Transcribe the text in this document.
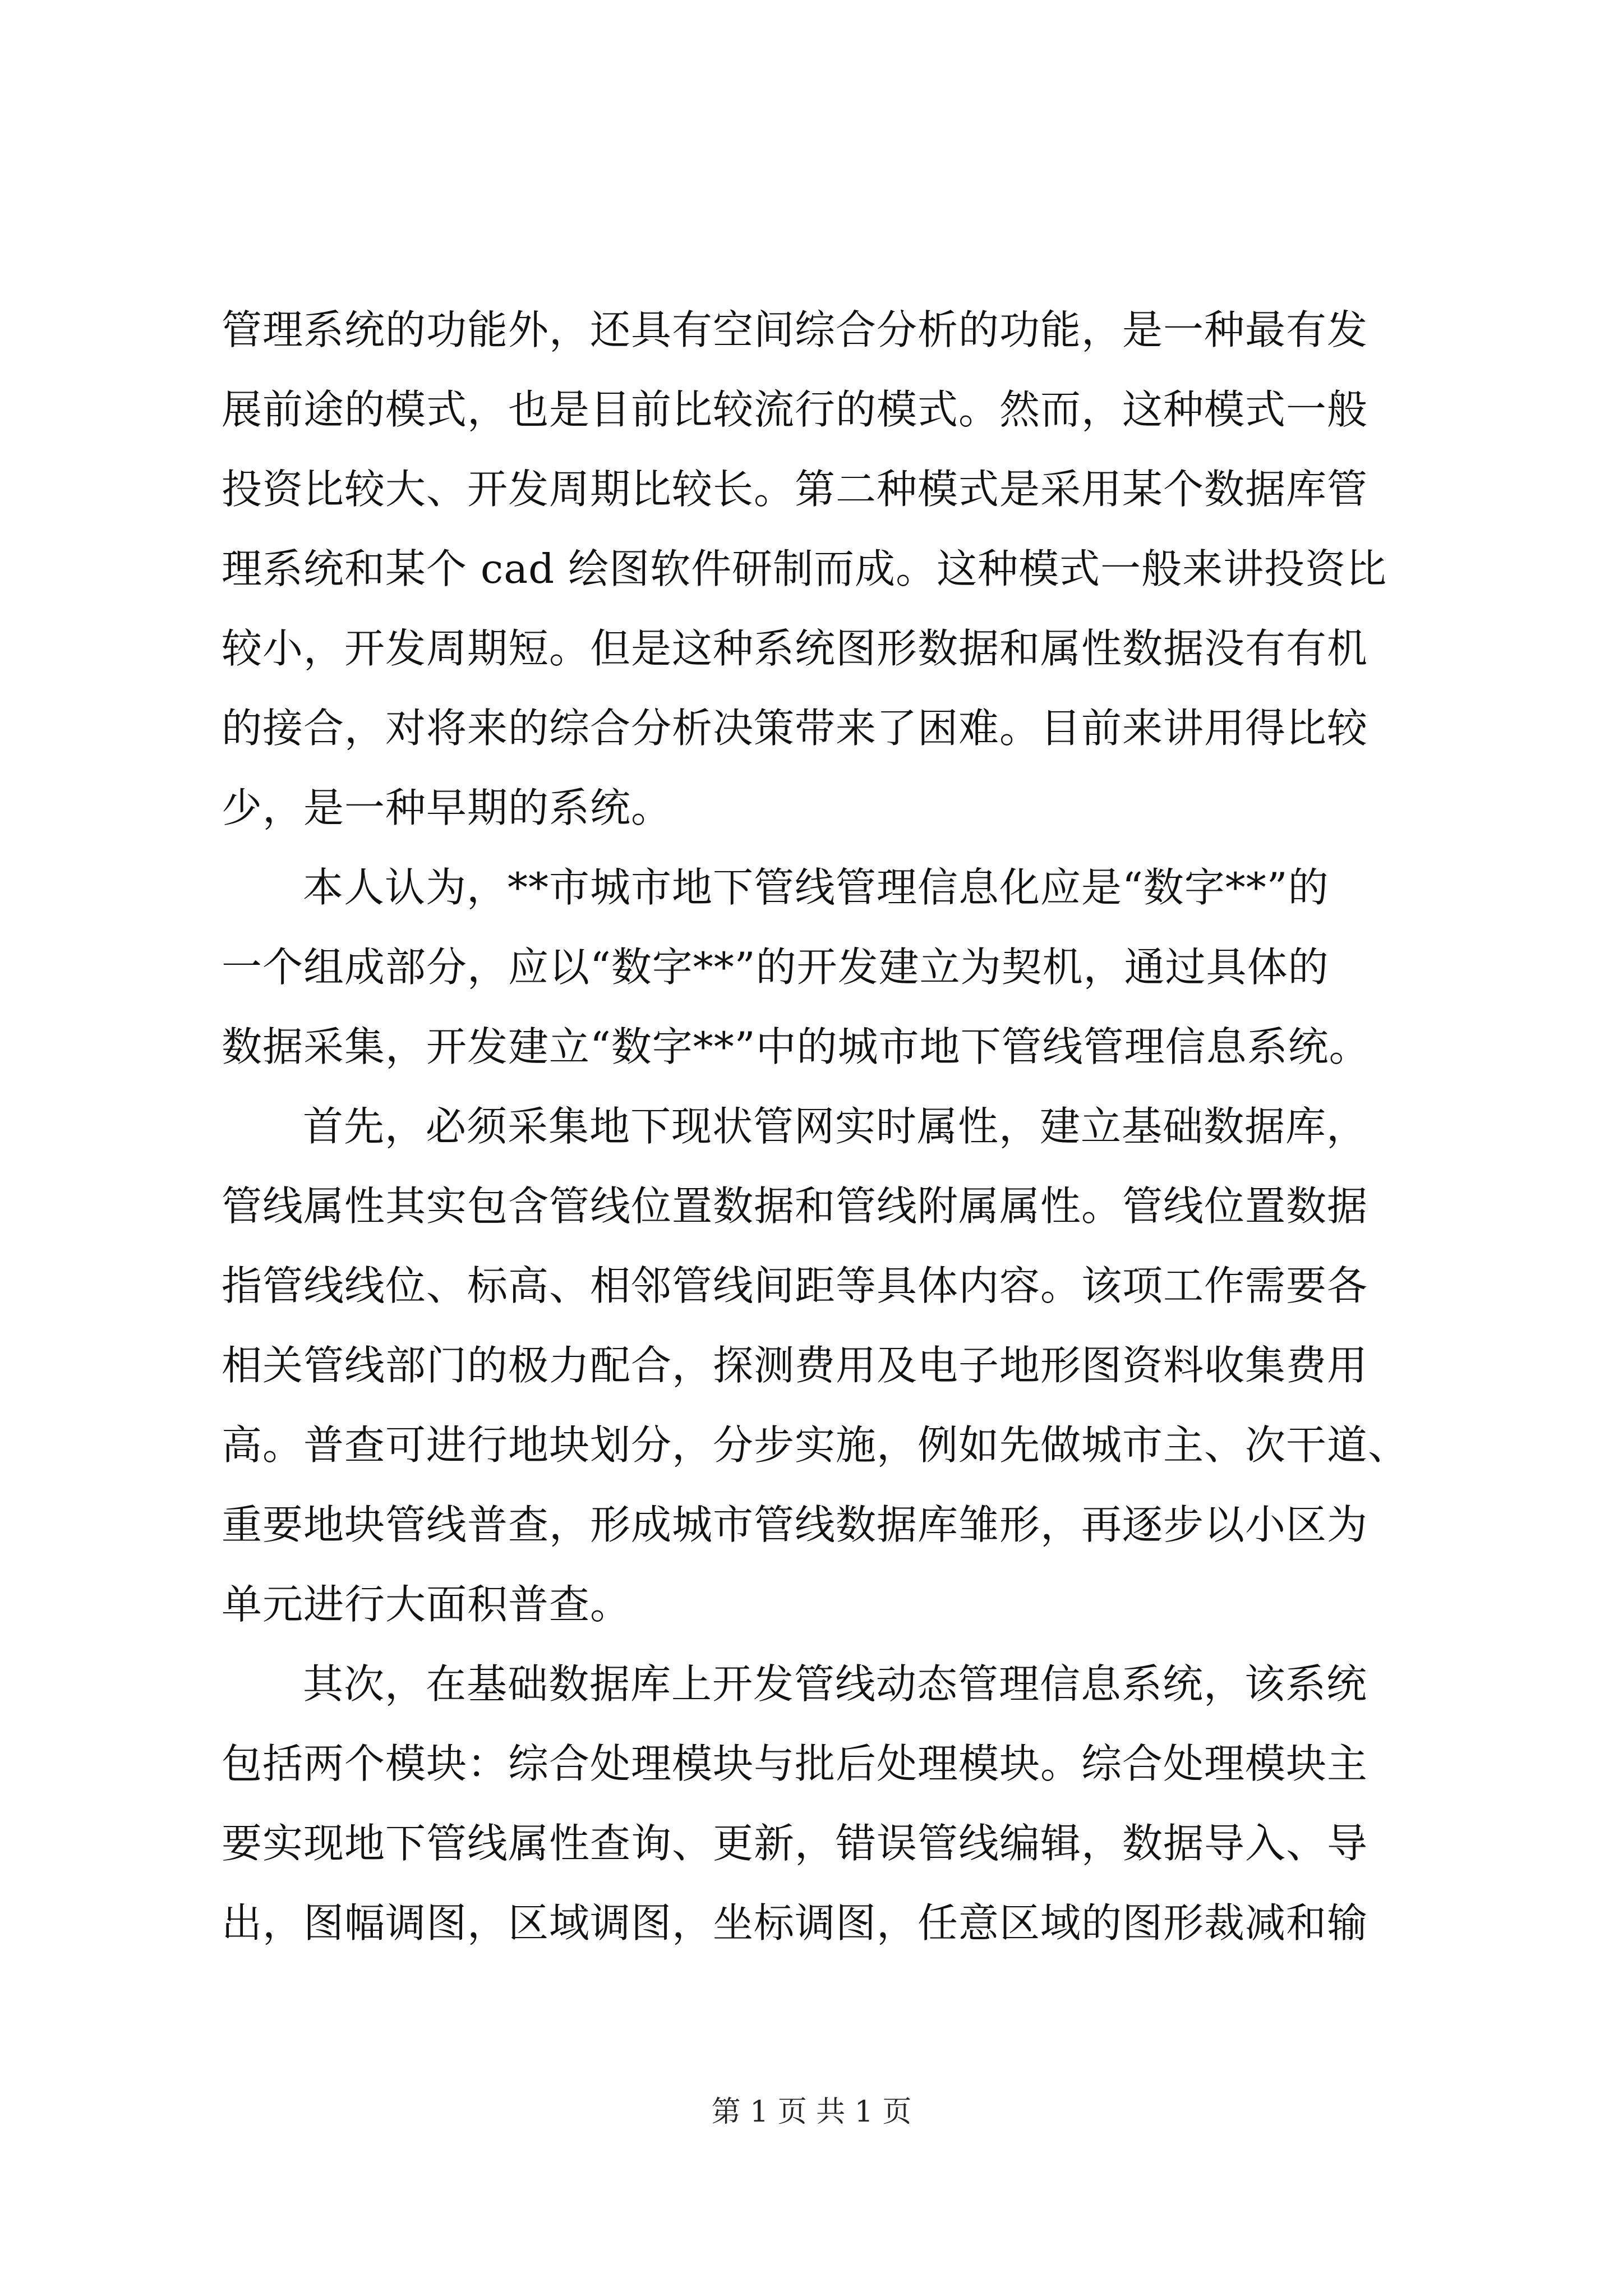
管理系统的功能外，还具有空间综合分析的功能，是一种最有发
展前途的模式，也是目前比较流行的模式。然而，这种模式一般
投资比较大、开发周期比较长。第二种模式是采用某个数据库管
理系统和某个 cad 绘图软件研制而成。这种模式一般来讲投资比
较小，开发周期短。但是这种系统图形数据和属性数据没有有机
的接合，对将来的综合分析决策带来了困难。目前来讲用得比较
少，是一种早期的系统。
本人认为，**市城市地下管线管理信息化应是“数字**”的
一个组成部分，应以“数字**”的开发建立为契机，通过具体的
数据采集，开发建立“数字**”中的城市地下管线管理信息系统。
首先，必须采集地下现状管网实时属性，建立基础数据库，
管线属性其实包含管线位置数据和管线附属属性。管线位置数据
指管线线位、标高、相邻管线间距等具体内容。该项工作需要各
相关管线部门的极力配合，探测费用及电子地形图资料收集费用
高。普查可进行地块划分，分步实施，例如先做城市主、次干道、
重要地块管线普查，形成城市管线数据库雏形，再逐步以小区为
单元进行大面积普查。
其次，在基础数据库上开发管线动态管理信息系统，该系统
包括两个模块：综合处理模块与批后处理模块。综合处理模块主
要实现地下管线属性查询、更新，错误管线编辑，数据导入、导
出，图幅调图，区域调图，坐标调图，任意区域的图形裁减和输
第 1 页 共 1 页
